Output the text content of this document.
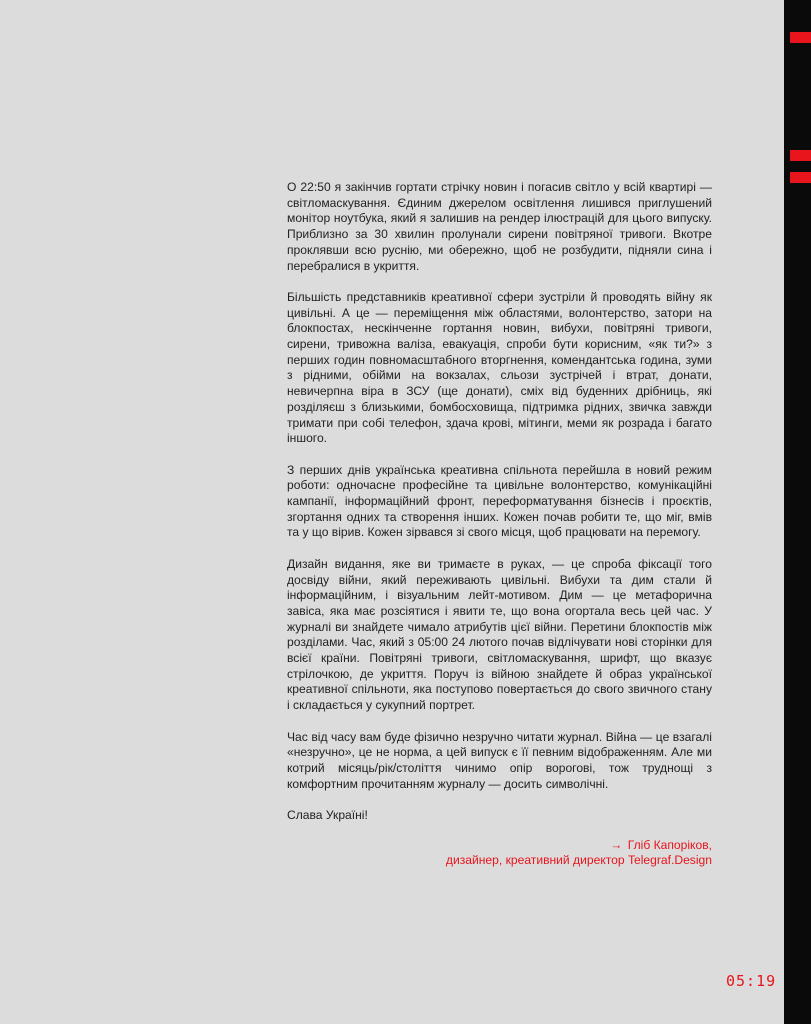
О 22:50 я закінчив гортати стрічку новин і погасив світло у всій квартирі — світломаскування. Єдиним джерелом освітлення лишився приглушений монітор ноутбука, який я залишив на рендер ілюстрацій для цього випуску. Приблизно за 30 хвилин пролунали сирени повітряної тривоги. Вкотре проклявши всю руснію, ми обережно, щоб не розбудити, підняли сина і перебралися в укриття.

Більшість представників креативної сфери зустріли й проводять війну як цивільні. А це — переміщення між областями, волонтерство, затори на блокпостах, нескінченне гортання новин, вибухи, повітряні тривоги, сирени, тривожна валіза, евакуація, спроби бути корисним, «як ти?» з перших годин повномасштабного вторгнення, комендантська година, зуми з рідними, обійми на вокзалах, сльози зустрічей і втрат, донати, невичерпна віра в ЗСУ (ще донати), сміх від буденних дрібниць, які розділяєш з близькими, бомбосховища, підтримка рідних, звичка завжди тримати при собі телефон, здача крові, мітинги, меми як розрада і багато іншого.

З перших днів українська креативна спільнота перейшла в новий режим роботи: одночасне професійне та цивільне волонтерство, комунікаційні кампанії, інформаційний фронт, переформатування бізнесів і проєктів, згортання одних та створення інших. Кожен почав робити те, що міг, вмів та у що вірив. Кожен зірвався зі свого місця, щоб працювати на перемогу.

Дизайн видання, яке ви тримаєте в руках, — це спроба фіксації того досвіду війни, який переживають цивільні. Вибухи та дим стали й інформаційним, і візуальним лейт-мотивом. Дим — це метафорична завіса, яка має розсіятися і явити те, що вона огортала весь цей час. У журналі ви знайдете чимало атрибутів цієї війни. Перетини блокпостів між розділами. Час, який з 05:00 24 лютого почав відлічувати нові сторінки для всієї країни. Повітряні тривоги, світломаскування, шрифт, що вказує стрілочкою, де укриття. Поруч із війною знайдете й образ української креативної спільноти, яка поступово повертається до свого звичного стану і складається у сукупний портрет.

Час від часу вам буде фізично незручно читати журнал. Війна — це взагалі «незручно», це не норма, а цей випуск є її певним відображенням. Але ми котрий місяць/рік/століття чинимо опір ворогові, тож труднощі з комфортним прочитанням журналу — досить символічні.

Слава Україні!
→ Гліб Капоріков,
дизайнер, креативний директор Telegraf.Design
05:19
